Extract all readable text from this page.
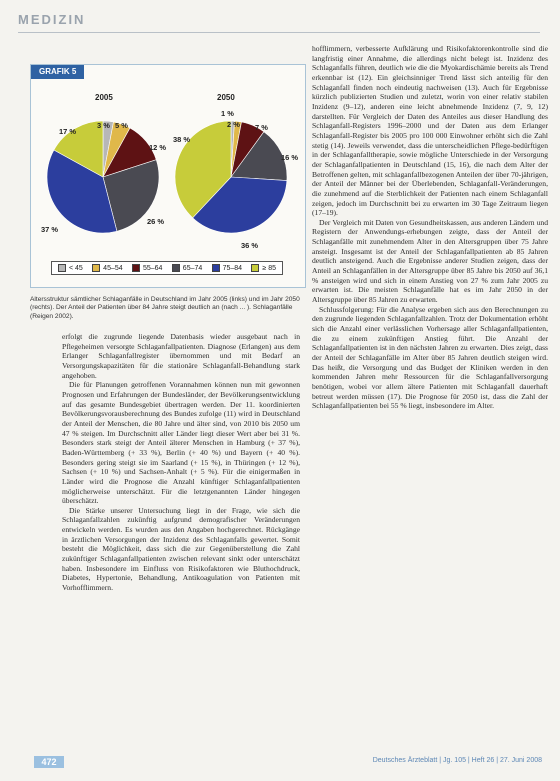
MEDIZIN
GRAFIK 5
2005	2050
3 % 5 %
12 %
26 %
37 %
17 %
1 %
2 % 7 %
16 %
36 %
38 %
< 45	45–54	55–64	65–74	75–84	≥ 85
Altersstruktur sämtlicher Schlaganfälle in Deutschland im Jahr 2005 (links) und im Jahr 2050 (rechts). Der Anteil der Patienten über 84 Jahre steigt deutlich an (nach ... ). Schlaganfälle (Reigen 2002).

erfolgt die zugrunde liegende Datenbasis wieder ausgebaut nach in Pflegeheimen versorgte Schlaganfallpatienten. Diagnose (Erlangen) aus dem Erlanger Schlaganfallregister übernommen und mit Bedarf an Versorgungskapazitäten für die stationäre Schlaganfall-Behandlung stark angehoben.

Die für Planungen getroffenen Vorannahmen können nun mit gewonnen Prognosen und Erfahrungen der Bundesländer, der Bevölkerungsentwicklung auf das gesamte Bundesgebiet übertragen werden. Der 11. koordinierten Bevölkerungsvorausberechnung des Bundes zufolge (11) wird in Deutschland der Anteil der Menschen, die 80 Jahre und älter sind, von 2010 bis 2050 um 47 % steigen. Im Durchschnitt aller Länder liegt dieser Wert aber bei 31 %. Besonders stark steigt der Anteil älterer Menschen in Hamburg (+ 37 %), Baden-Württemberg (+ 33 %), Berlin (+ 40 %) und Bayern (+ 40 %). Besonders gering steigt sie im Saarland (+ 15 %), in Thüringen (+ 12 %), Sachsen (+ 10 %) und Sachsen-Anhalt (+ 5 %). Für die einigermaßen in Länder wird die Prognose die Anzahl künftiger Schlaganfallpatienten möglicherweise unterschätzt. Für die letztgenannten Länder hingegen überschätzt.

Die Stärke unserer Untersuchung liegt in der Frage, wie sich die Schlaganfallzahlen zukünftig aufgrund demografischer Veränderungen entwickeln werden. Es wurden aus den Angaben hochgerechnet. Rückgänge in ärztlichen Versorgungen der Inzidenz des Schlaganfalls gewertet. Somit besteht die Möglichkeit, dass sich die zur Gegenüberstellung die Zahl zukünftiger Schlaganfallpatienten zwischen relevant sinkt oder unterschätzt haben. Insbesondere im Einfluss von Risikofaktoren wie Bluthochdruck, Diabetes, Hypertonie, Behandlung, Antikoagulation von Patienten mit Vorhofflimmern.

hofflimmern, verbesserte Aufklärung und Risikofaktorenkontrolle sind die langfristig einer Annahme, die allerdings nicht belegt ist. Inzidenz des Schlaganfalls führen, deutlich wie die die Myokardischämie bereits als Trend erkennbar ist (12). Ein gleichsinniger Trend lässt sich anteilig für den Schlaganfall finden noch eindeutig nachweisen (13). Auch für Ergebnisse kürzlich publizierten Studien und zuletzt, worin von einer relativ stabilen Inzidenz (9–12), anderen eine leicht abnehmende Inzidenz (7, 9, 12) darstellten. Für Vergleich der Daten des Anteiles aus dieser Handlung des Schlaganfall-Registers 1996–2000 und der Daten aus dem Erlanger Schlaganfall-Register bis 2005 pro 100 000 Einwohner erhöht sich die Zahl stetig (14). Jeweils verwendet, dass die unterscheidlichen Pflege-bedürftigen in der Schlaganfalltherapie, sowie mögliche Unterschiede in der Versorgung der Schlaganfallpatienten in Deutschland (15, 16), die nach dem Alter der Betroffenen gelten, mit schlaganfallbezogenen Anteilen der über 70-jährigen, der Anteil der Männer bei der Überlebenden, Schlaganfall-Veränderungen, die zunehmend auf die Sterblichkeit der Patienten nach einem Schlaganfall zeigen, jedoch im Durchschnitt bei zu erwarten im 30 Tage Zeitraum liegen (17–19).

Der Vergleich mit Daten von Gesundheitskassen, aus anderen Ländern und Registern der Anwendungs-erhebungen zeigte, dass der Anteil der Schlaganfälle mit zunehmendem Alter in den Altersgruppen über 75 Jahre ansteigt. Insgesamt ist der Anteil der Schlaganfallpatienten ab 85 Jahren deutlich ansteigend. Auch die Ergebnisse anderer Studien zeigen, dass der Anteil an Schlaganfällen in der Altersgruppe über 85 Jahre bis 2050 auf 36,1 % ansteigen wird und sich in einem Anstieg von 27 % zum Jahr 2005 zu erwarten ist. Die meisten Schlaganfälle hat es im Jahr 2050 in der Altersgruppe über 85 Jahren zu erwarten.

Schlussfolgerung: Für die Analyse ergeben sich aus den Berechnungen zu den zugrunde liegenden Schlaganfallzahlen. Trotz der Dokumentation erhöht sich die Anzahl einer verlässlichen Vorhersage aller Schlaganfallpatienten, die zu einem zukünftigen Anstieg führt. Die Anzahl der Schlaganfallpatienten ist in den nächsten Jahren zu erwarten. Dies zeigt, dass der Anteil der Schlaganfälle im Alter über 85 Jahren deutlich steigen wird. Das heißt, die Versorgung und das Budget der Kliniken werden in den kommenden Jahren mehr Ressourcen für die Schlaganfallversorgung benötigen, wobei vor allem ältere Patienten mit Schlaganfall dauerhaft betreut werden müssen (17). Die Prognose für 2050 ist, dass die Zahl der Schlaganfallpatienten bei 55 % liegt, insbesondere im Alter.

472	Deutsches Ärzteblatt | Jg. 105 | Heft 26 | 27. Juni 2008
